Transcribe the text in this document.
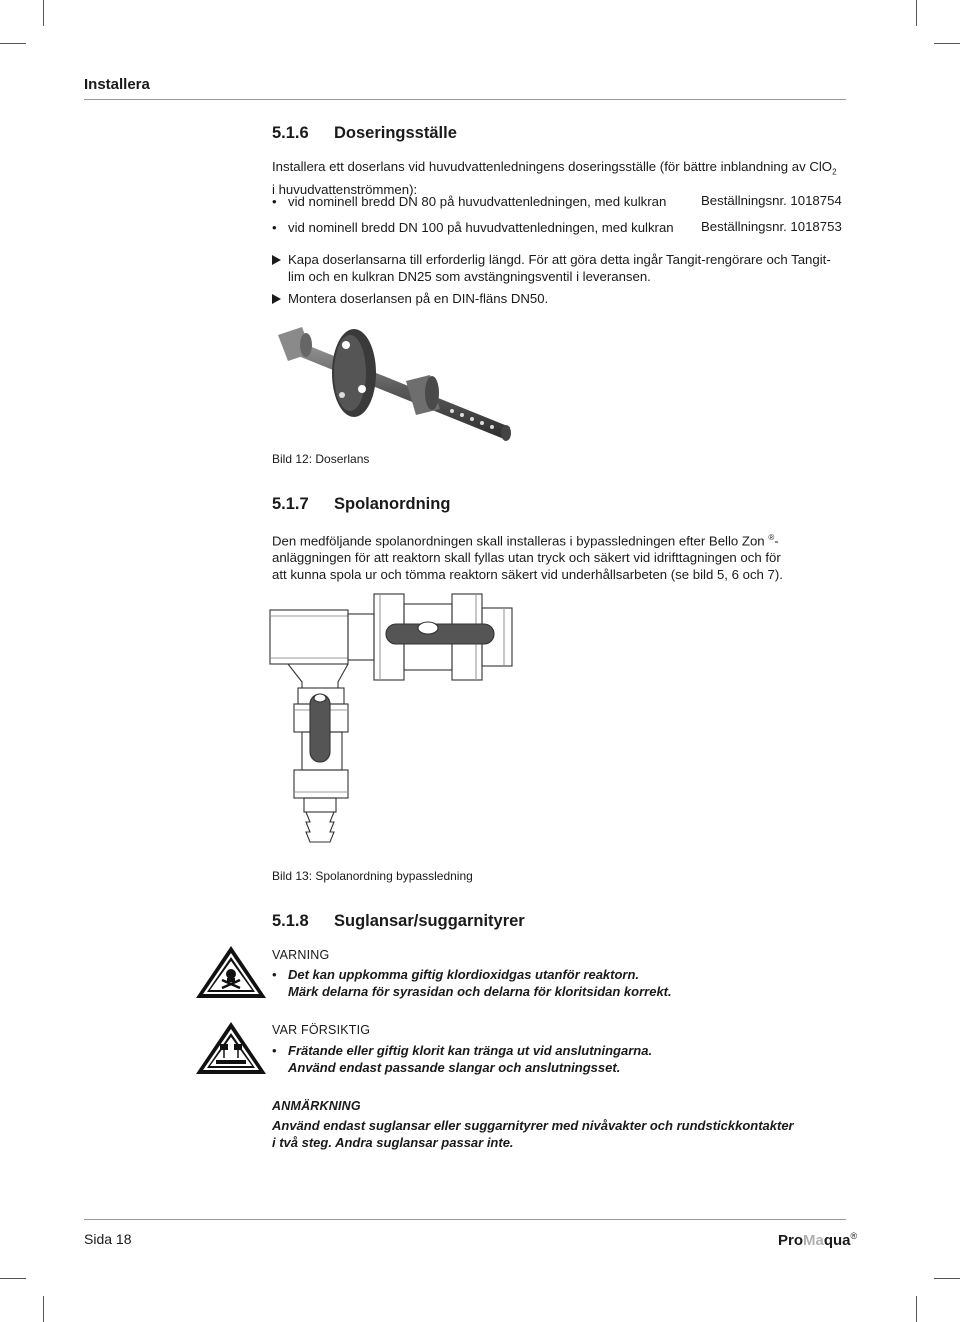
Installera
5.1.6 Doseringsställe
Installera ett doserlans vid huvudvattenledningens doseringsställe (för bättre inblandning av ClO$_2$
i huvudvattenströmmen):
• vid nominell bredd DN 80 på huvudvattenledningen, med kulkran	Beställningsnr. 1018754
• vid nominell bredd DN 100 på huvudvattenledningen, med kulkran Beställningsnr. 1018753
Kapa doserlansarna till erforderlig längd. För att göra detta ingår Tangit-rengörare och Tangit-
lim och en kulkran DN25 som avstängningsventil i leveransen.
Montera doserlansen på en DIN-fläns DN50.
Bild 12: Doserlans
5.1.7 Spolanordning
Den medföljande spolanordningen skall installeras i bypassledningen efter Bello Zon ®-
anläggningen för att reaktorn skall fyllas utan tryck och säkert vid idrifttagningen och för
att kunna spola ur och tömma reaktorn säkert vid underhållsarbeten (se bild 5, 6 och 7).
Bild 13: Spolanordning bypassledning
5.1.8 Suglansar/suggarnityrer
VARNING
• Det kan uppkomma giftig klordioxidgas utanför reaktorn.
Märk delarna för syrasidan och delarna för kloritsidan korrekt.
VAR FÖRSIKTIG
• Frätande eller giftig klorit kan tränga ut vid anslutningarna.
Använd endast passande slangar och anslutningsset.
ANMÄRKNING
Använd endast suglansar eller suggarnityrer med nivåvakter och rundstickkontakter
i två steg. Andra suglansar passar inte.
Sida 18	ProMaqua®
